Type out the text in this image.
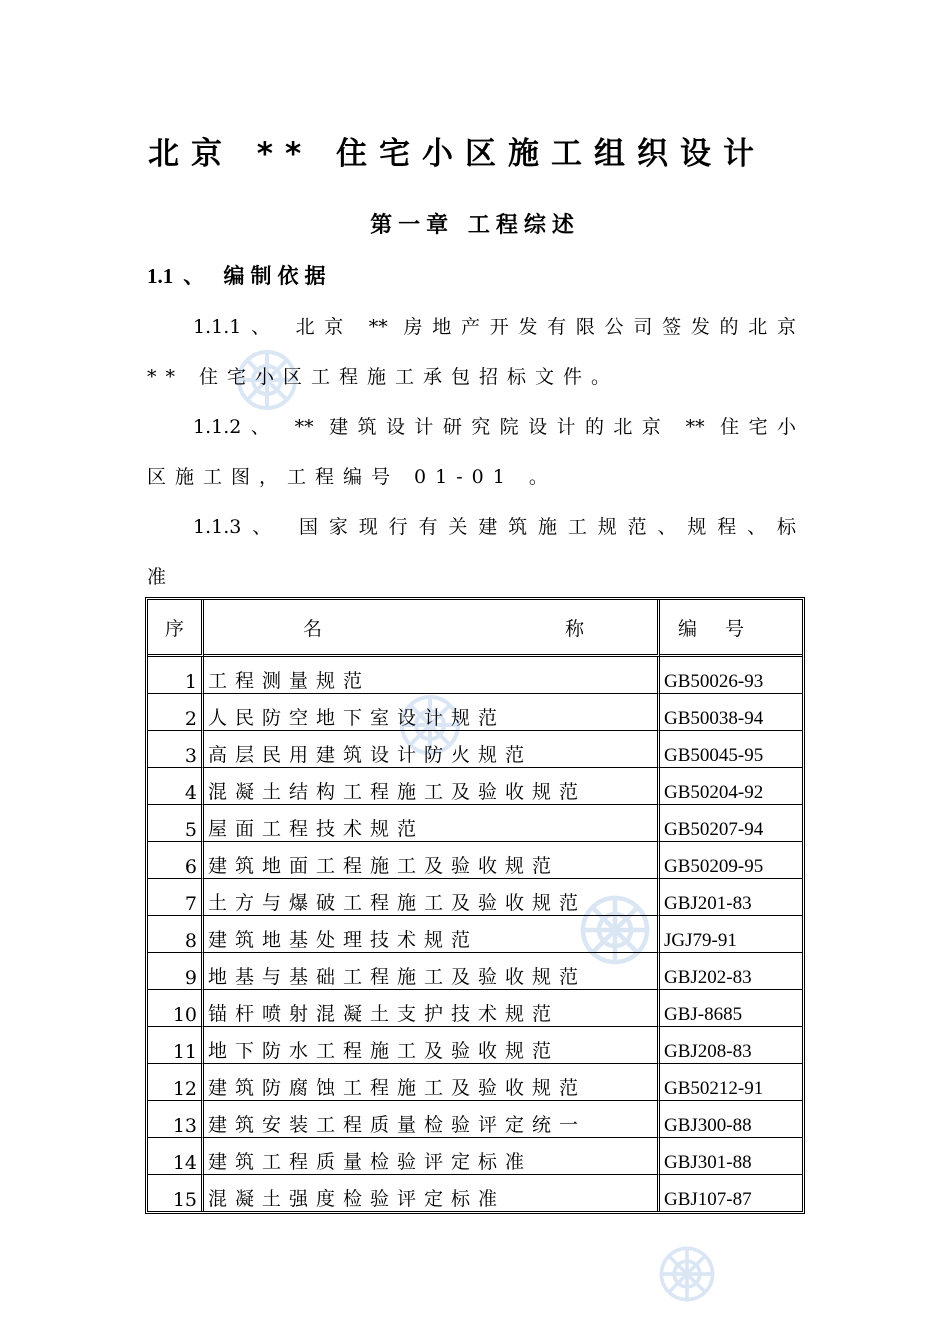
北京 ** 住宅小区施工组织设计
第一章 工程综述
1.1 、 编制依据

1.1.1、 北京 ** 房地产开发有限公司签发的北京

** 住宅小区工程施工承包招标文件。

1.1.2、 ** 建筑设计研究院设计的北京 ** 住宅小

区施工图，工程编号 01-01 。

1.1.3、 国家现行有关建筑施工规范、规程、标

准

序	名 称	编号
1	工程测量规范	GB50026-93
2	人民防空地下室设计规范	GB50038-94
3	高层民用建筑设计防火规范	GB50045-95
4	混凝土结构工程施工及验收规范	GB50204-92
5	屋面工程技术规范	GB50207-94
6	建筑地面工程施工及验收规范	GB50209-95
7	土方与爆破工程施工及验收规范	GBJ201-83
8	建筑地基处理技术规范	JGJ79-91
9	地基与基础工程施工及验收规范	GBJ202-83
10	锚杆喷射混凝土支护技术规范	GBJ-8685
11	地下防水工程施工及验收规范	GBJ208-83
12	建筑防腐蚀工程施工及验收规范	GB50212-91
13	建筑安装工程质量检验评定统一	GBJ300-88
14	建筑工程质量检验评定标准	GBJ301-88
15	混凝土强度检验评定标准	GBJ107-87
